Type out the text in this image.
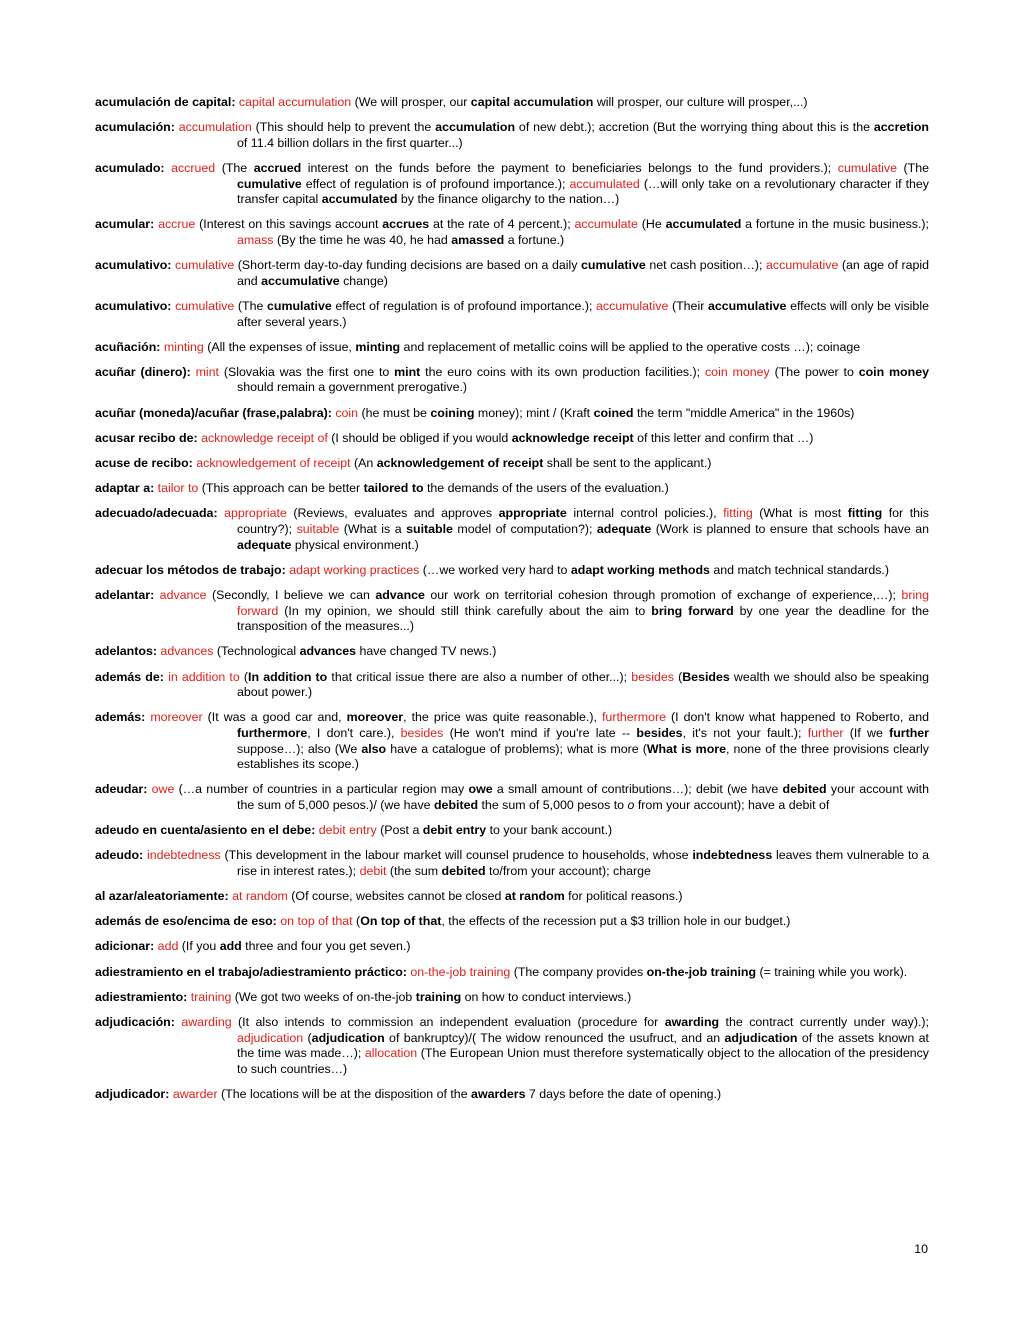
acumulación de capital: capital accumulation (We will prosper, our capital accumulation will prosper, our culture will prosper,...)

acumulación: accumulation (This should help to prevent the accumulation of new debt.); accretion (But the worrying thing about this is the accretion of 11.4 billion dollars in the first quarter...)

acumulado: accrued (The accrued interest on the funds before the payment to beneficiaries belongs to the fund providers.); cumulative (The cumulative effect of regulation is of profound importance.); accumulated (…will only take on a revolutionary character if they transfer capital accumulated by the finance oligarchy to the nation…)

acumular: accrue (Interest on this savings account accrues at the rate of 4 percent.); accumulate (He accumulated a fortune in the music business.); amass (By the time he was 40, he had amassed a fortune.)

acumulativo: cumulative (Short-term day-to-day funding decisions are based on a daily cumulative net cash position…); accumulative (an age of rapid and accumulative change)

acumulativo: cumulative (The cumulative effect of regulation is of profound importance.); accumulative (Their accumulative effects will only be visible after several years.)

acuñación: minting (All the expenses of issue, minting and replacement of metallic coins will be applied to the operative costs …); coinage

acuñar (dinero): mint (Slovakia was the first one to mint the euro coins with its own production facilities.); coin money (The power to coin money should remain a government prerogative.)

acuñar (moneda)/acuñar (frase,palabra): coin (he must be coining money); mint / (Kraft coined the term "middle America" in the 1960s)

acusar recibo de: acknowledge receipt of (I should be obliged if you would acknowledge receipt of this letter and confirm that …)

acuse de recibo: acknowledgement of receipt (An acknowledgement of receipt shall be sent to the applicant.)

adaptar a: tailor to (This approach can be better tailored to the demands of the users of the evaluation.)

adecuado/adecuada: appropriate (Reviews, evaluates and approves appropriate internal control policies.), fitting (What is most fitting for this country?); suitable (What is a suitable model of computation?); adequate (Work is planned to ensure that schools have an adequate physical environment.)

adecuar los métodos de trabajo: adapt working practices (…we worked very hard to adapt working methods and match technical standards.)

adelantar: advance (Secondly, I believe we can advance our work on territorial cohesion through promotion of exchange of experience,…); bring forward (In my opinion, we should still think carefully about the aim to bring forward by one year the deadline for the transposition of the measures...)

adelantos: advances (Technological advances have changed TV news.)

además de: in addition to (In addition to that critical issue there are also a number of other...); besides (Besides wealth we should also be speaking about power.)

además: moreover (It was a good car and, moreover, the price was quite reasonable.), furthermore (I don't know what happened to Roberto, and furthermore, I don't care.), besides (He won't mind if you're late -- besides, it's not your fault.); further (If we further suppose…); also (We also have a catalogue of problems); what is more (What is more, none of the three provisions clearly establishes its scope.)

adeudar: owe (…a number of countries in a particular region may owe a small amount of contributions…); debit (we have debited your account with the sum of 5,000 pesos.)/ (we have debited the sum of 5,000 pesos to o from your account); have a debit of

adeudo en cuenta/asiento en el debe: debit entry (Post a debit entry to your bank account.)

adeudo: indebtedness (This development in the labour market will counsel prudence to households, whose indebtedness leaves them vulnerable to a rise in interest rates.); debit (the sum debited to/from your account); charge

al azar/aleatoriamente: at random (Of course, websites cannot be closed at random for political reasons.)

además de eso/encima de eso: on top of that (On top of that, the effects of the recession put a $3 trillion hole in our budget.)

adicionar: add (If you add three and four you get seven.)

adiestramiento en el trabajo/adiestramiento práctico: on-the-job training (The company provides on-the-job training (= training while you work).

adiestramiento: training (We got two weeks of on-the-job training on how to conduct interviews.)

adjudicación: awarding (It also intends to commission an independent evaluation (procedure for awarding the contract currently under way).); adjudication (adjudication of bankruptcy)/( The widow renounced the usufruct, and an adjudication of the assets known at the time was made…); allocation (The European Union must therefore systematically object to the allocation of the presidency to such countries…)

adjudicador: awarder (The locations will be at the disposition of the awarders 7 days before the date of opening.)

10
